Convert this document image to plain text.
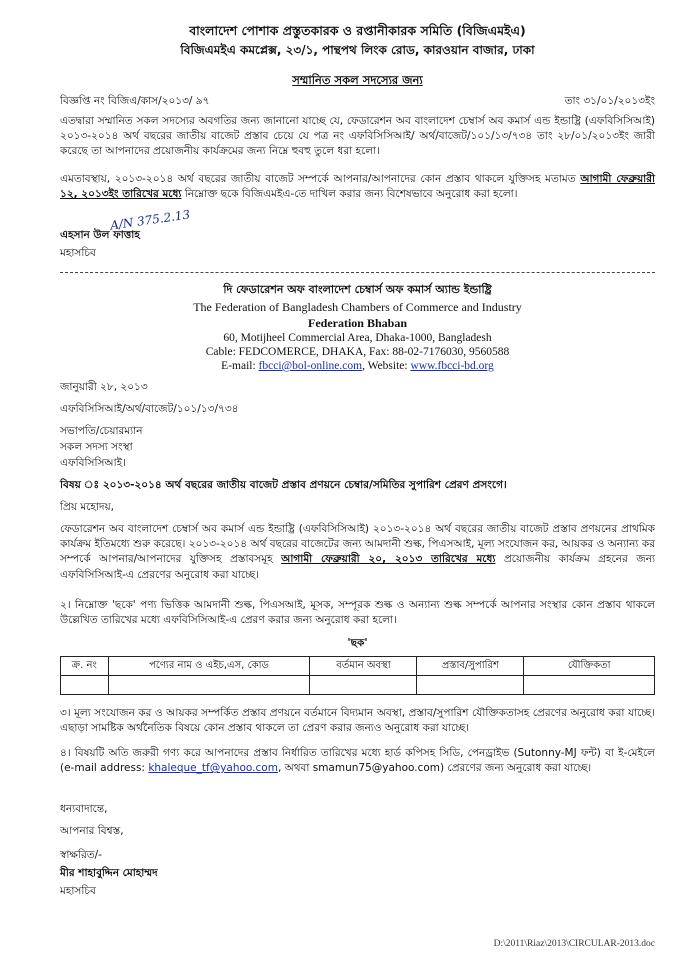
বাংলাদেশ পোশাক প্রস্তুতকারক ও রপ্তানীকারক সমিতি (বিজিএমইএ)
বিজিএমইএ কমপ্লেক্স, ২৩/১, পান্থপথ লিংক রোড, কারওয়ান বাজার, ঢাকা
সম্মানিত সকল সদস্যের জন্য
বিজ্ঞপ্তি নং বিজিএ/কাস/২০১৩/ ৯৭	তাং ৩১/০১/২০১৩ইং

এতদ্বারা সম্মানিত সকল সদস্যের অবগতির জন্য জানানো যাচ্ছে যে, ফেডারেশন অব বাংলাদেশ চেম্বার্স অব কমার্স এন্ড ইন্ডাষ্ট্রি (এফবিসিসিআই) ২০১৩-২০১৪ অর্থ বছরের জাতীয় বাজেট প্রস্তাব চেয়ে যে পত্র নং এফবিসিসিআই/ অর্থ/বাজেট/১০১/১৩/৭৩৪ তাং ২৮/০১/২০১৩ইং জারী করেছে তা আপনাদের প্রয়োজনীয় কার্যক্রমের জন্য নিম্নে হুবহু তুলে ধরা হলো।

এমতাবস্থায়, ২০১৩-২০১৪ অর্থ বছরের জাতীয় বাজেট সম্পর্কে আপনার/আপনাদের কোন প্রস্তাব থাকলে যুক্তিসহ মতামত আগামী ফেব্রুয়ারী ১২, ২০১৩ইং তারিখের মধ্যে নিম্নোক্ত ছকে বিজিএমইএ-তে দাখিল করার জন্য বিশেষভাবে অনুরোধ করা হলো।

A/N 375.2.13
এহসান উল ফাত্তাহ
মহাসচিব
দি ফেডারেশন অফ বাংলাদেশ চেম্বার্স অফ কমার্স অ্যান্ড ইন্ডাষ্ট্রি
The Federation of Bangladesh Chambers of Commerce and Industry
Federation Bhaban
60, Motijheel Commercial Area, Dhaka-1000, Bangladesh
Cable: FEDCOMERCE, DHAKA, Fax: 88-02-7176030, 9560588
E-mail: fbcci@bol-online.com, Website: www.fbcci-bd.org
জানুয়ারী ২৮, ২০১৩
এফবিসিসিআই/অর্থ/বাজেট/১০১/১৩/৭৩৪
সভাপতি/চেয়ারম্যান
সকল সদস্য সংস্থা
এফবিসিসিআই।
বিষয় ঃ ২০১৩-২০১৪ অর্থ বছরের জাতীয় বাজেট প্রস্তাব প্রণয়নে চেম্বার/সমিতির সুপারিশ প্রেরণ প্রসংগে।
প্রিয় মহোদয়,

ফেডারেশন অব বাংলাদেশ চেম্বার্স অব কমার্স এন্ড ইন্ডাষ্ট্রি (এফবিসিসিআই) ২০১৩-২০১৪ অর্থ বছরের জাতীয় বাজেট প্রস্তাব প্রণয়নের প্রাথমিক কার্যক্রম ইতিমধ্যে শুরু করেছে। ২০১৩-২০১৪ অর্থ বছরের বাজেটের জন্য আমদানী শুল্ক, পিএসআই, মূল্য সংযোজন কর, আয়কর ও অন্যান্য কর সম্পর্কে আপনার/আপনাদের যুক্তিসহ প্রস্তাবসমূহ আগামী ফেব্রুয়ারী ২০, ২০১৩ তারিখের মধ্যে প্রয়োজনীয় কার্যক্রম গ্রহনের জন্য এফবিসিসিআই-এ প্রেরণের অনুরোধ করা যাচ্ছে।

২। নিম্নোক্ত 'ছকে' পণ্য ভিত্তিক আমদানী শুল্ক, পিএসআই, মূসক, সম্পূরক শুল্ক ও অন্যান্য শুল্ক সম্পর্কে আপনার সংস্থার কোন প্রস্তাব থাকলে উল্লেখিত তারিখের মধ্যে এফবিসিসিআই-এ প্রেরণ করার জন্য অনুরোধ করা হলো।

'ছক'
ক্র. নং	পণ্যের নাম ও এইচ,এস, কোড	বর্তমান অবস্থা	প্রস্তাব/সুপারিশ	যৌক্তিকতা

৩। মূল্য সংযোজন কর ও আয়কর সম্পর্কিত প্রস্তাব প্রণয়নে বর্তমানে বিদ্যমান অবস্থা, প্রস্তাব/সুপারিশ যৌক্তিকতাসহ প্রেরণের অনুরোধ করা যাচ্ছে। এছাড়া সামষ্টিক অর্থনৈতিক বিষয়ে কোন প্রস্তাব থাকলে তা প্রেরণ করার জন্যও অনুরোধ করা যাচ্ছে।

৪। বিষয়টি অতি জরুরী গণ্য করে আপনাদের প্রস্তাব নির্ধারিত তারিখের মধ্যে হার্ড কপিসহ সিডি, পেনড্রাইভ (Sutonny-MJ ফন্ট) বা ই-মেইলে (e-mail address: khaleque_tf@yahoo.com, অথবা smamun75@yahoo.com) প্রেরণের জন্য অনুরোধ করা যাচ্ছে।

ধন্যবাদান্তে,
আপনার বিশ্বস্ত,
স্বাক্ষরিত/-
মীর শাহাবুদ্দিন মোহাম্মদ
মহাসচিব
D:\2011\Riaz\2013\CIRCULAR-2013.doc
